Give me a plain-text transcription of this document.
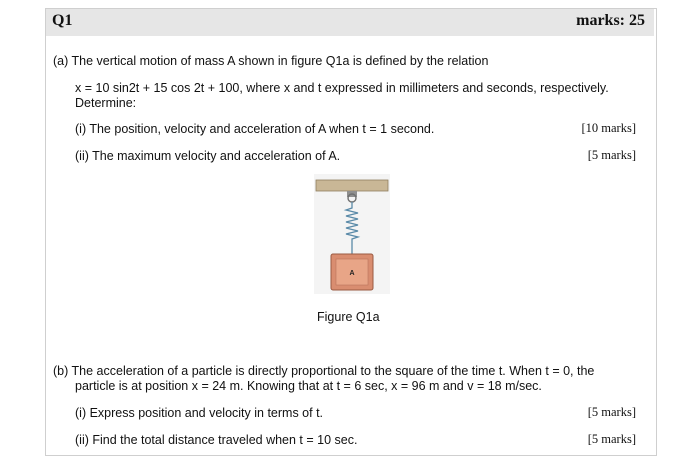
Q1	marks: 25
(a) The vertical motion of mass A shown in figure Q1a is defined by the relation
x = 10 sin2t + 15 cos 2t + 100, where x and t expressed in millimeters and seconds, respectively.
Determine:
(i) The position, velocity and acceleration of A when t = 1 second.	[10 marks]
(ii) The maximum velocity and acceleration of A.	[5 marks]
A
Figure Q1a
(b) The acceleration of a particle is directly proportional to the square of the time t. When t = 0, the
particle is at position x = 24 m. Knowing that at t = 6 sec, x = 96 m and v = 18 m/sec.
(i) Express position and velocity in terms of t.	[5 marks]
(ii) Find the total distance traveled when t = 10 sec.	[5 marks]
